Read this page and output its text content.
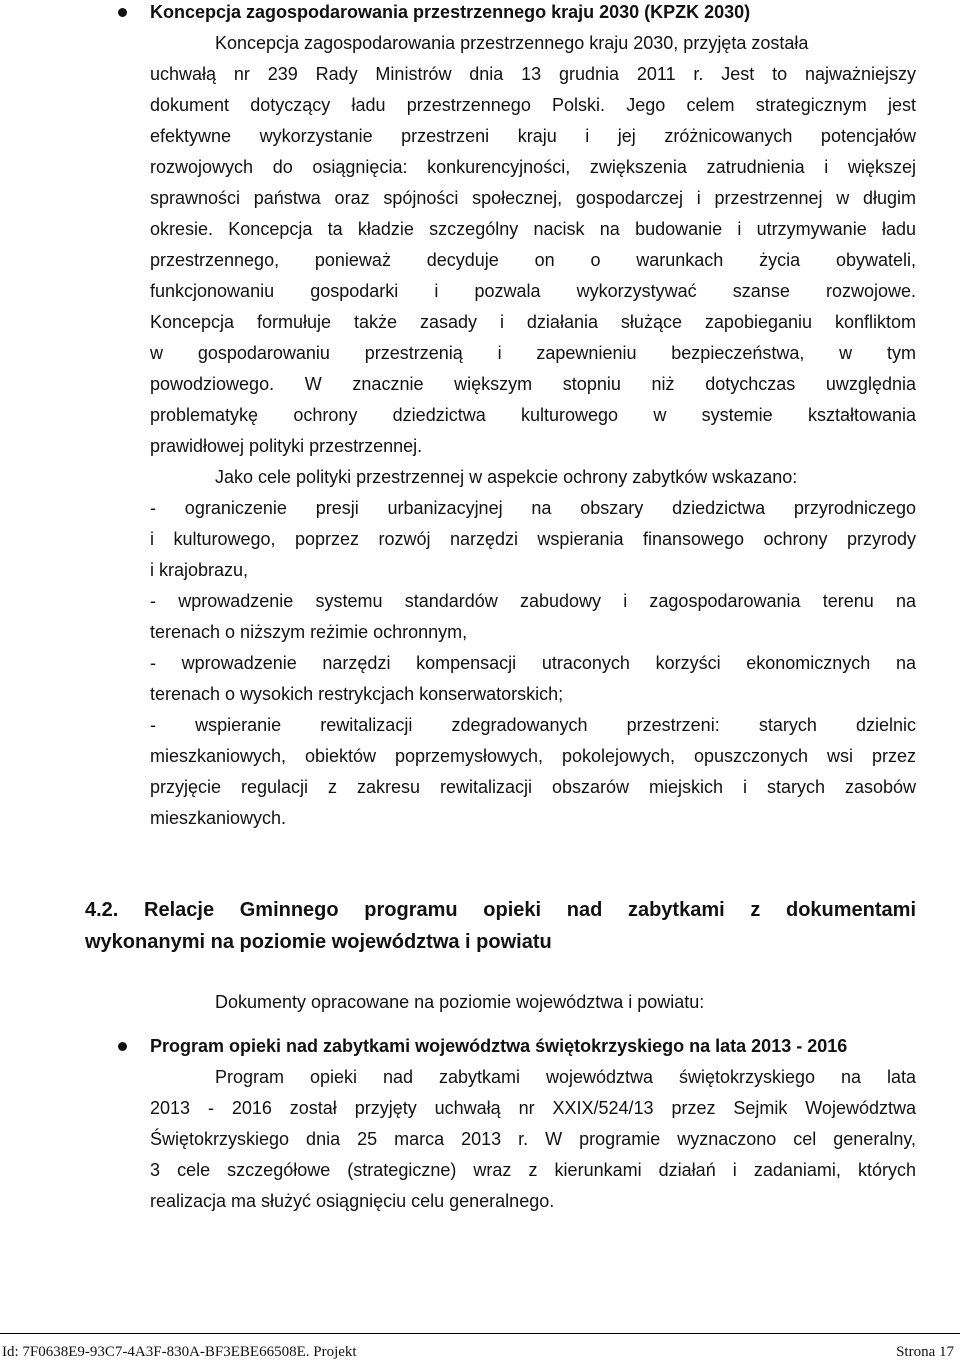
Koncepcja zagospodarowania przestrzennego kraju 2030 (KPZK 2030)
Koncepcja zagospodarowania przestrzennego kraju 2030, przyjęta została
uchwałą nr 239 Rady Ministrów dnia 13 grudnia 2011 r. Jest to najważniejszy
dokument dotyczący ładu przestrzennego Polski. Jego celem strategicznym jest
efektywne wykorzystanie przestrzeni kraju i jej zróżnicowanych potencjałów
rozwojowych do osiągnięcia: konkurencyjności, zwiększenia zatrudnienia i większej
sprawności państwa oraz spójności społecznej, gospodarczej i przestrzennej w długim
okresie. Koncepcja ta kładzie szczególny nacisk na budowanie i utrzymywanie ładu
przestrzennego, ponieważ decyduje on o warunkach życia obywateli,
funkcjonowaniu gospodarki i pozwala wykorzystywać szanse rozwojowe.
Koncepcja formułuje także zasady i działania służące zapobieganiu konfliktom
w gospodarowaniu przestrzenią i zapewnieniu bezpieczeństwa, w tym
powodziowego. W znacznie większym stopniu niż dotychczas uwzględnia
problematykę ochrony dziedzictwa kulturowego w systemie kształtowania
prawidłowej polityki przestrzennej.
Jako cele polityki przestrzennej w aspekcie ochrony zabytków wskazano:
- ograniczenie presji urbanizacyjnej na obszary dziedzictwa przyrodniczego
i kulturowego, poprzez rozwój narzędzi wspierania finansowego ochrony przyrody
i krajobrazu,
- wprowadzenie systemu standardów zabudowy i zagospodarowania terenu na
terenach o niższym reżimie ochronnym,
- wprowadzenie narzędzi kompensacji utraconych korzyści ekonomicznych na
terenach o wysokich restrykcjach konserwatorskich;
- wspieranie rewitalizacji zdegradowanych przestrzeni: starych dzielnic
mieszkaniowych, obiektów poprzemysłowych, pokolejowych, opuszczonych wsi przez
przyjęcie regulacji z zakresu rewitalizacji obszarów miejskich i starych zasobów
mieszkaniowych.
4.2. Relacje Gminnego programu opieki nad zabytkami z dokumentami
wykonanymi na poziomie województwa i powiatu
Dokumenty opracowane na poziomie województwa i powiatu:
Program opieki nad zabytkami województwa świętokrzyskiego na lata 2013 - 2016
Program opieki nad zabytkami województwa świętokrzyskiego na lata
2013 - 2016 został przyjęty uchwałą nr XXIX/524/13 przez Sejmik Województwa
Świętokrzyskiego dnia 25 marca 2013 r. W programie wyznaczono cel generalny,
3 cele szczegółowe (strategiczne) wraz z kierunkami działań i zadaniami, których
realizacja ma służyć osiągnięciu celu generalnego.
Id: 7F0638E9-93C7-4A3F-830A-BF3EBE66508E. Projekt	Strona 17
